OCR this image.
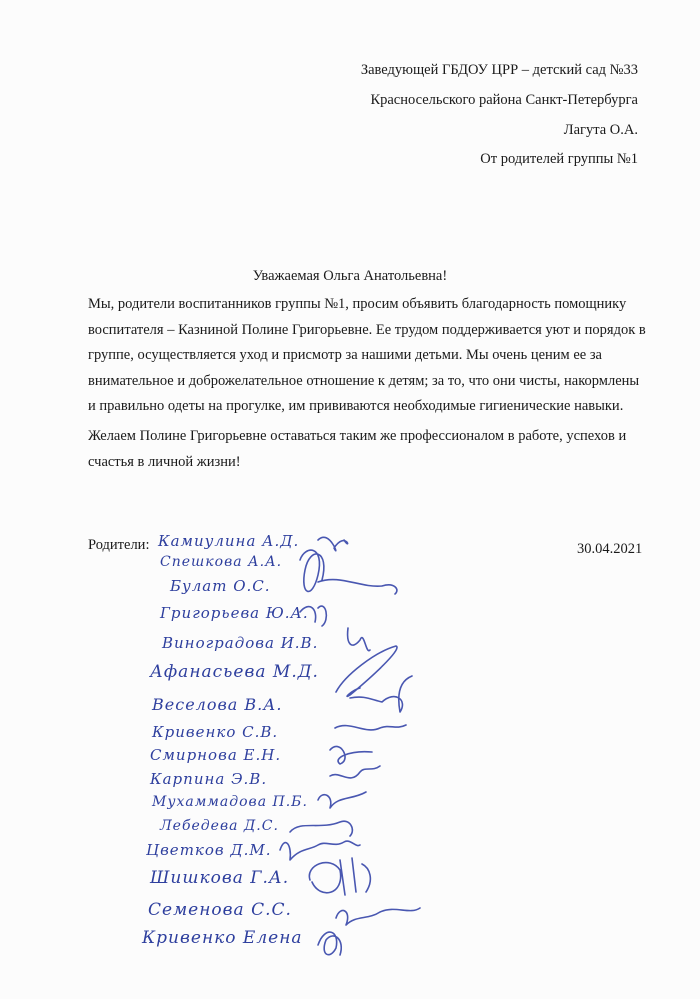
Заведующей ГБДОУ ЦРР – детский сад №33
Красносельского района Санкт-Петербурга
Лагута О.А.
От родителей группы №1
Уважаемая Ольга Анатольевна!
Мы, родители воспитанников группы №1, просим объявить благодарность помощнику
воспитателя – Казниной Полине Григорьевне. Ее трудом поддерживается уют и порядок в
группе, осуществляется уход и присмотр за нашими детьми. Мы очень ценим ее за
внимательное и доброжелательное отношение к детям; за то, что они чисты, накормлены
и правильно одеты на прогулке, им прививаются необходимые гигиенические навыки.
Желаем Полине Григорьевне оставаться таким же профессионалом в работе, успехов и
счастья в личной жизни!
Родители:	30.04.2021
Камиулина А.Д.
Спешкова А.А.
Булат О.С.
Григорьева Ю.А.
Виноградова И.В.
Афанасьева М.Д.
Веселова В.А.
Кривенко С.В.
Смирнова Е.Н.
Карпина Э.В.
Мухаммадова П.Б.
Лебедева Д.С.
Цветков Д.М.
Шишкова Г.А.
Семенова С.С.
Кривенко Елена
